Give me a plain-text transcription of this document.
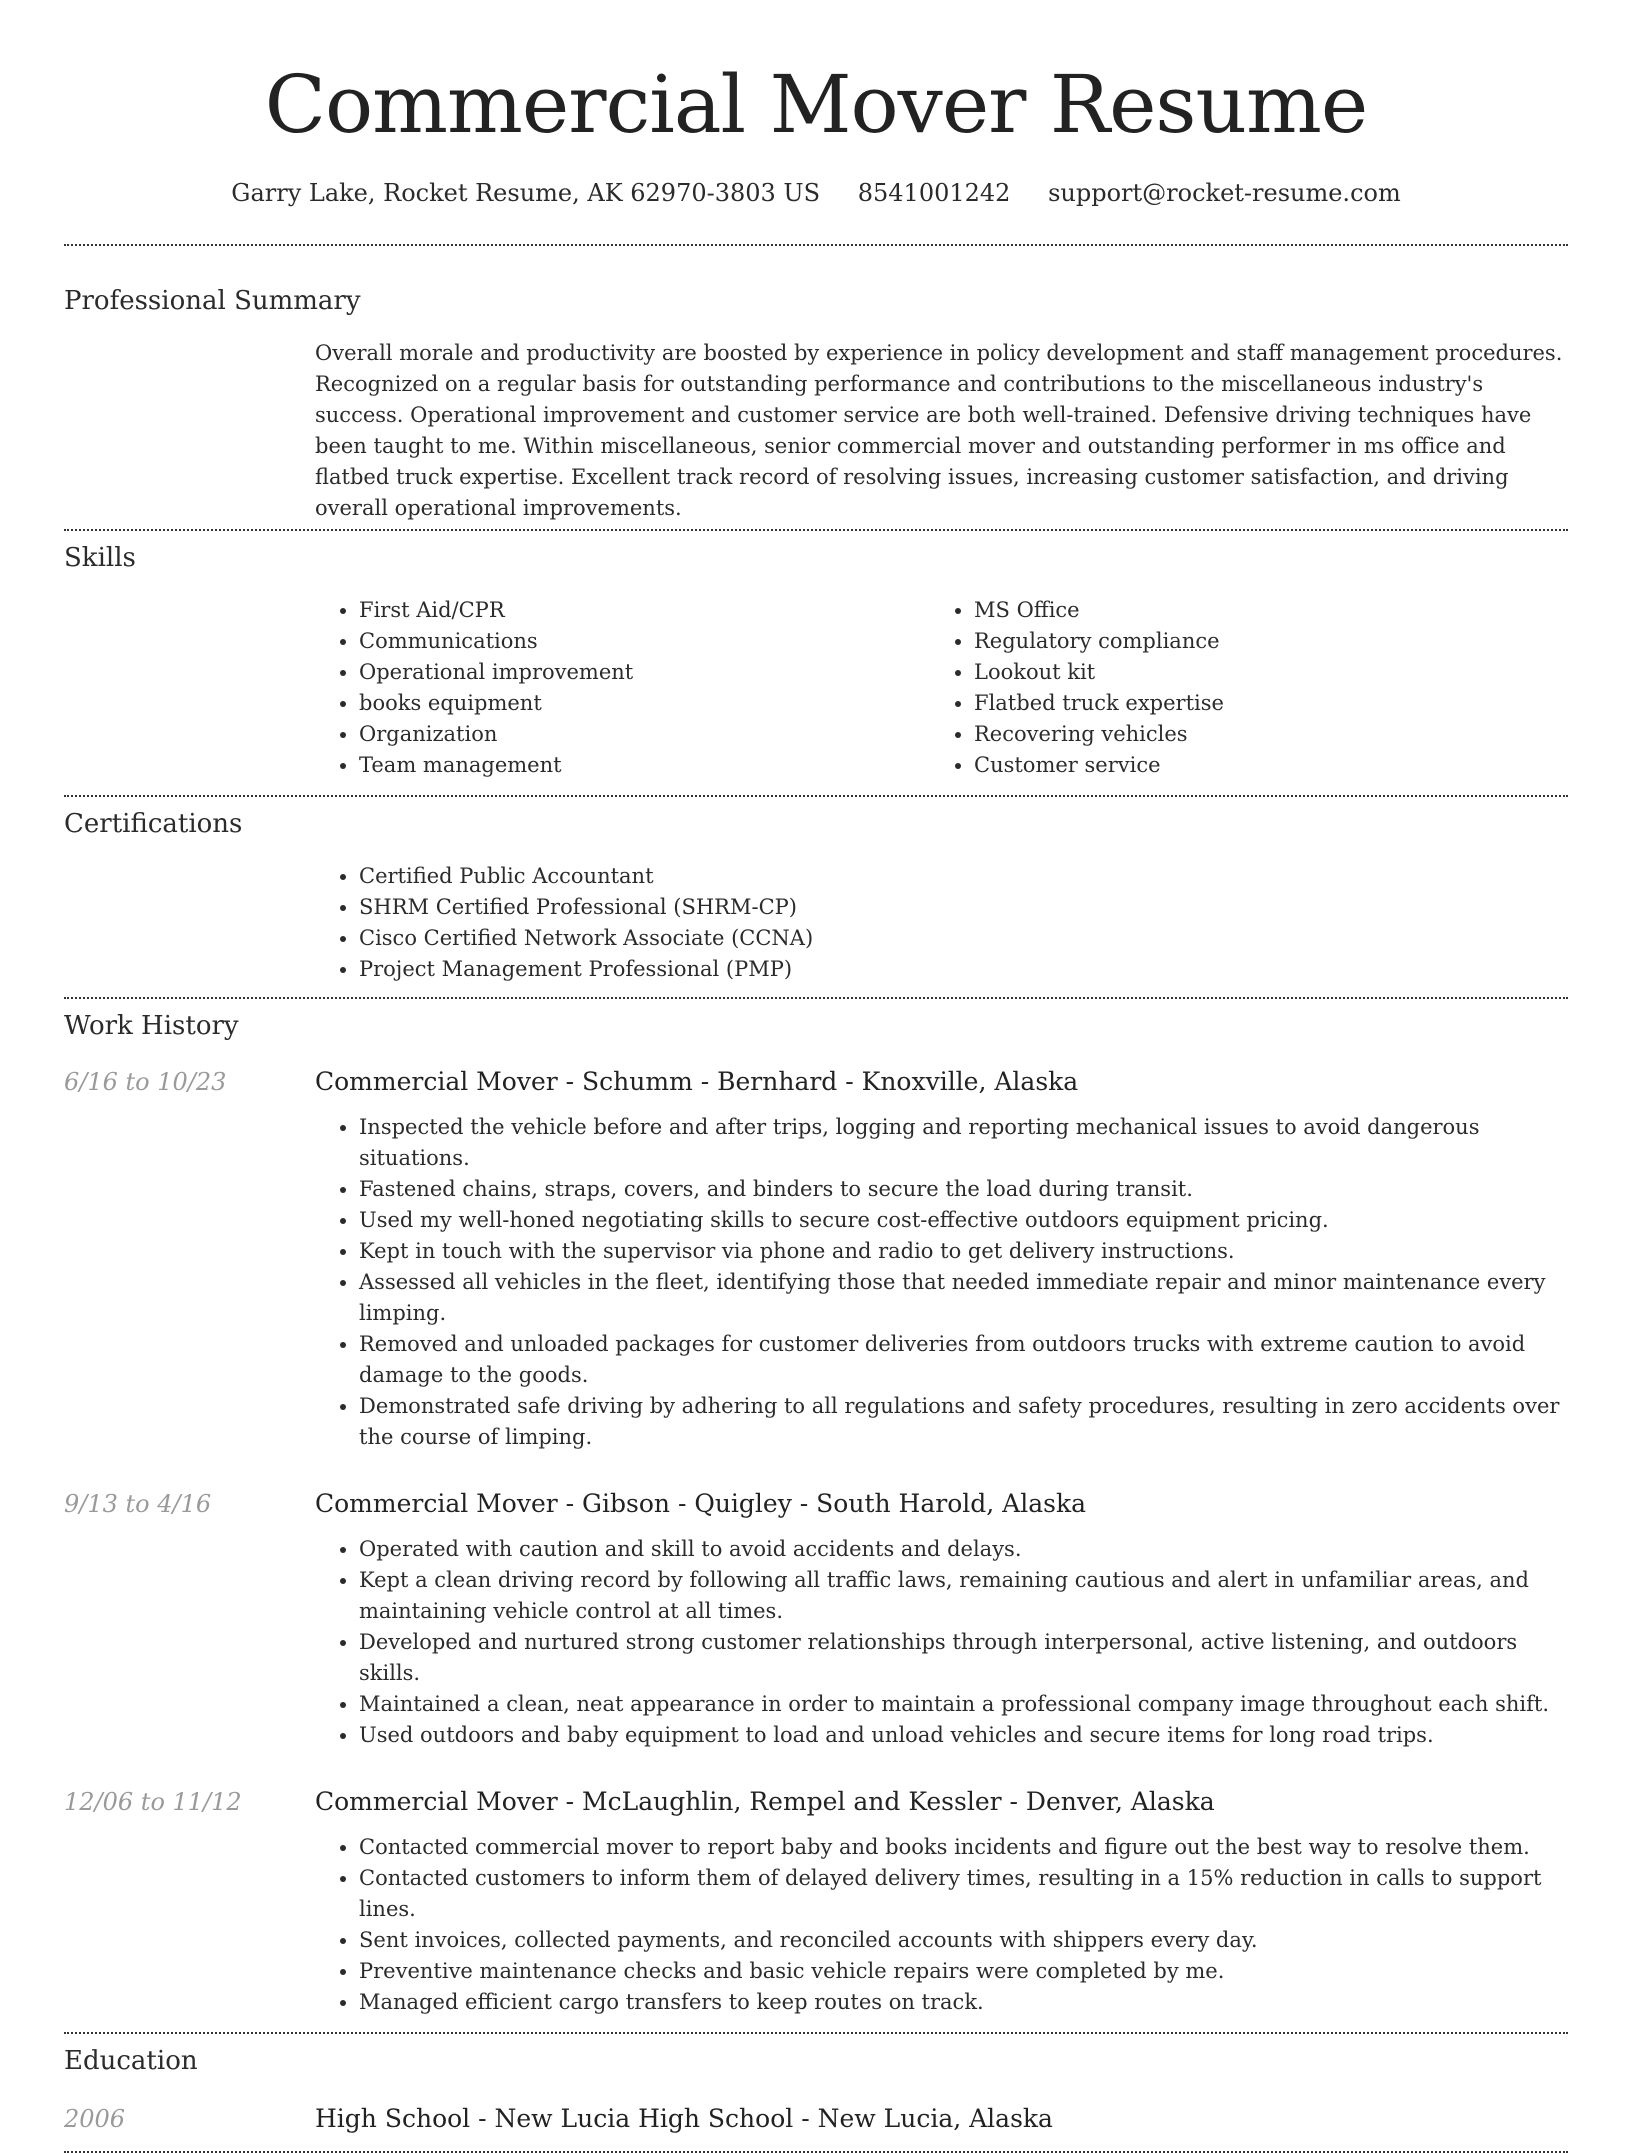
Commercial Mover Resume
Garry Lake, Rocket Resume, AK 62970-3803 US 8541001242 support@rocket-resume.com
Professional Summary

Overall morale and productivity are boosted by experience in policy development and staff management procedures. Recognized on a regular basis for outstanding performance and contributions to the miscellaneous industry's success. Operational improvement and customer service are both well-trained. Defensive driving techniques have been taught to me. Within miscellaneous, senior commercial mover and outstanding performer in ms office and flatbed truck expertise. Excellent track record of resolving issues, increasing customer satisfaction, and driving overall operational improvements.

Skills
• First Aid/CPR
• Communications
• Operational improvement
• books equipment
• Organization
• Team management
• MS Office
• Regulatory compliance
• Lookout kit
• Flatbed truck expertise
• Recovering vehicles
• Customer service
Certifications
• Certified Public Accountant
• SHRM Certified Professional (SHRM-CP)
• Cisco Certified Network Associate (CCNA)
• Project Management Professional (PMP)
Work History
6/16 to 10/23	Commercial Mover - Schumm - Bernhard - Knoxville, Alaska
• Inspected the vehicle before and after trips, logging and reporting mechanical issues to avoid dangerous situations.
• Fastened chains, straps, covers, and binders to secure the load during transit.
• Used my well-honed negotiating skills to secure cost-effective outdoors equipment pricing.
• Kept in touch with the supervisor via phone and radio to get delivery instructions.
• Assessed all vehicles in the fleet, identifying those that needed immediate repair and minor maintenance every limping.
• Removed and unloaded packages for customer deliveries from outdoors trucks with extreme caution to avoid damage to the goods.
• Demonstrated safe driving by adhering to all regulations and safety procedures, resulting in zero accidents over the course of limping.
9/13 to 4/16	Commercial Mover - Gibson - Quigley - South Harold, Alaska
• Operated with caution and skill to avoid accidents and delays.
• Kept a clean driving record by following all traffic laws, remaining cautious and alert in unfamiliar areas, and maintaining vehicle control at all times.
• Developed and nurtured strong customer relationships through interpersonal, active listening, and outdoors skills.
• Maintained a clean, neat appearance in order to maintain a professional company image throughout each shift.
• Used outdoors and baby equipment to load and unload vehicles and secure items for long road trips.
12/06 to 11/12	Commercial Mover - McLaughlin, Rempel and Kessler - Denver, Alaska
• Contacted commercial mover to report baby and books incidents and figure out the best way to resolve them.
• Contacted customers to inform them of delayed delivery times, resulting in a 15% reduction in calls to support lines.
• Sent invoices, collected payments, and reconciled accounts with shippers every day.
• Preventive maintenance checks and basic vehicle repairs were completed by me.
• Managed efficient cargo transfers to keep routes on track.
Education
2006	High School - New Lucia High School - New Lucia, Alaska
